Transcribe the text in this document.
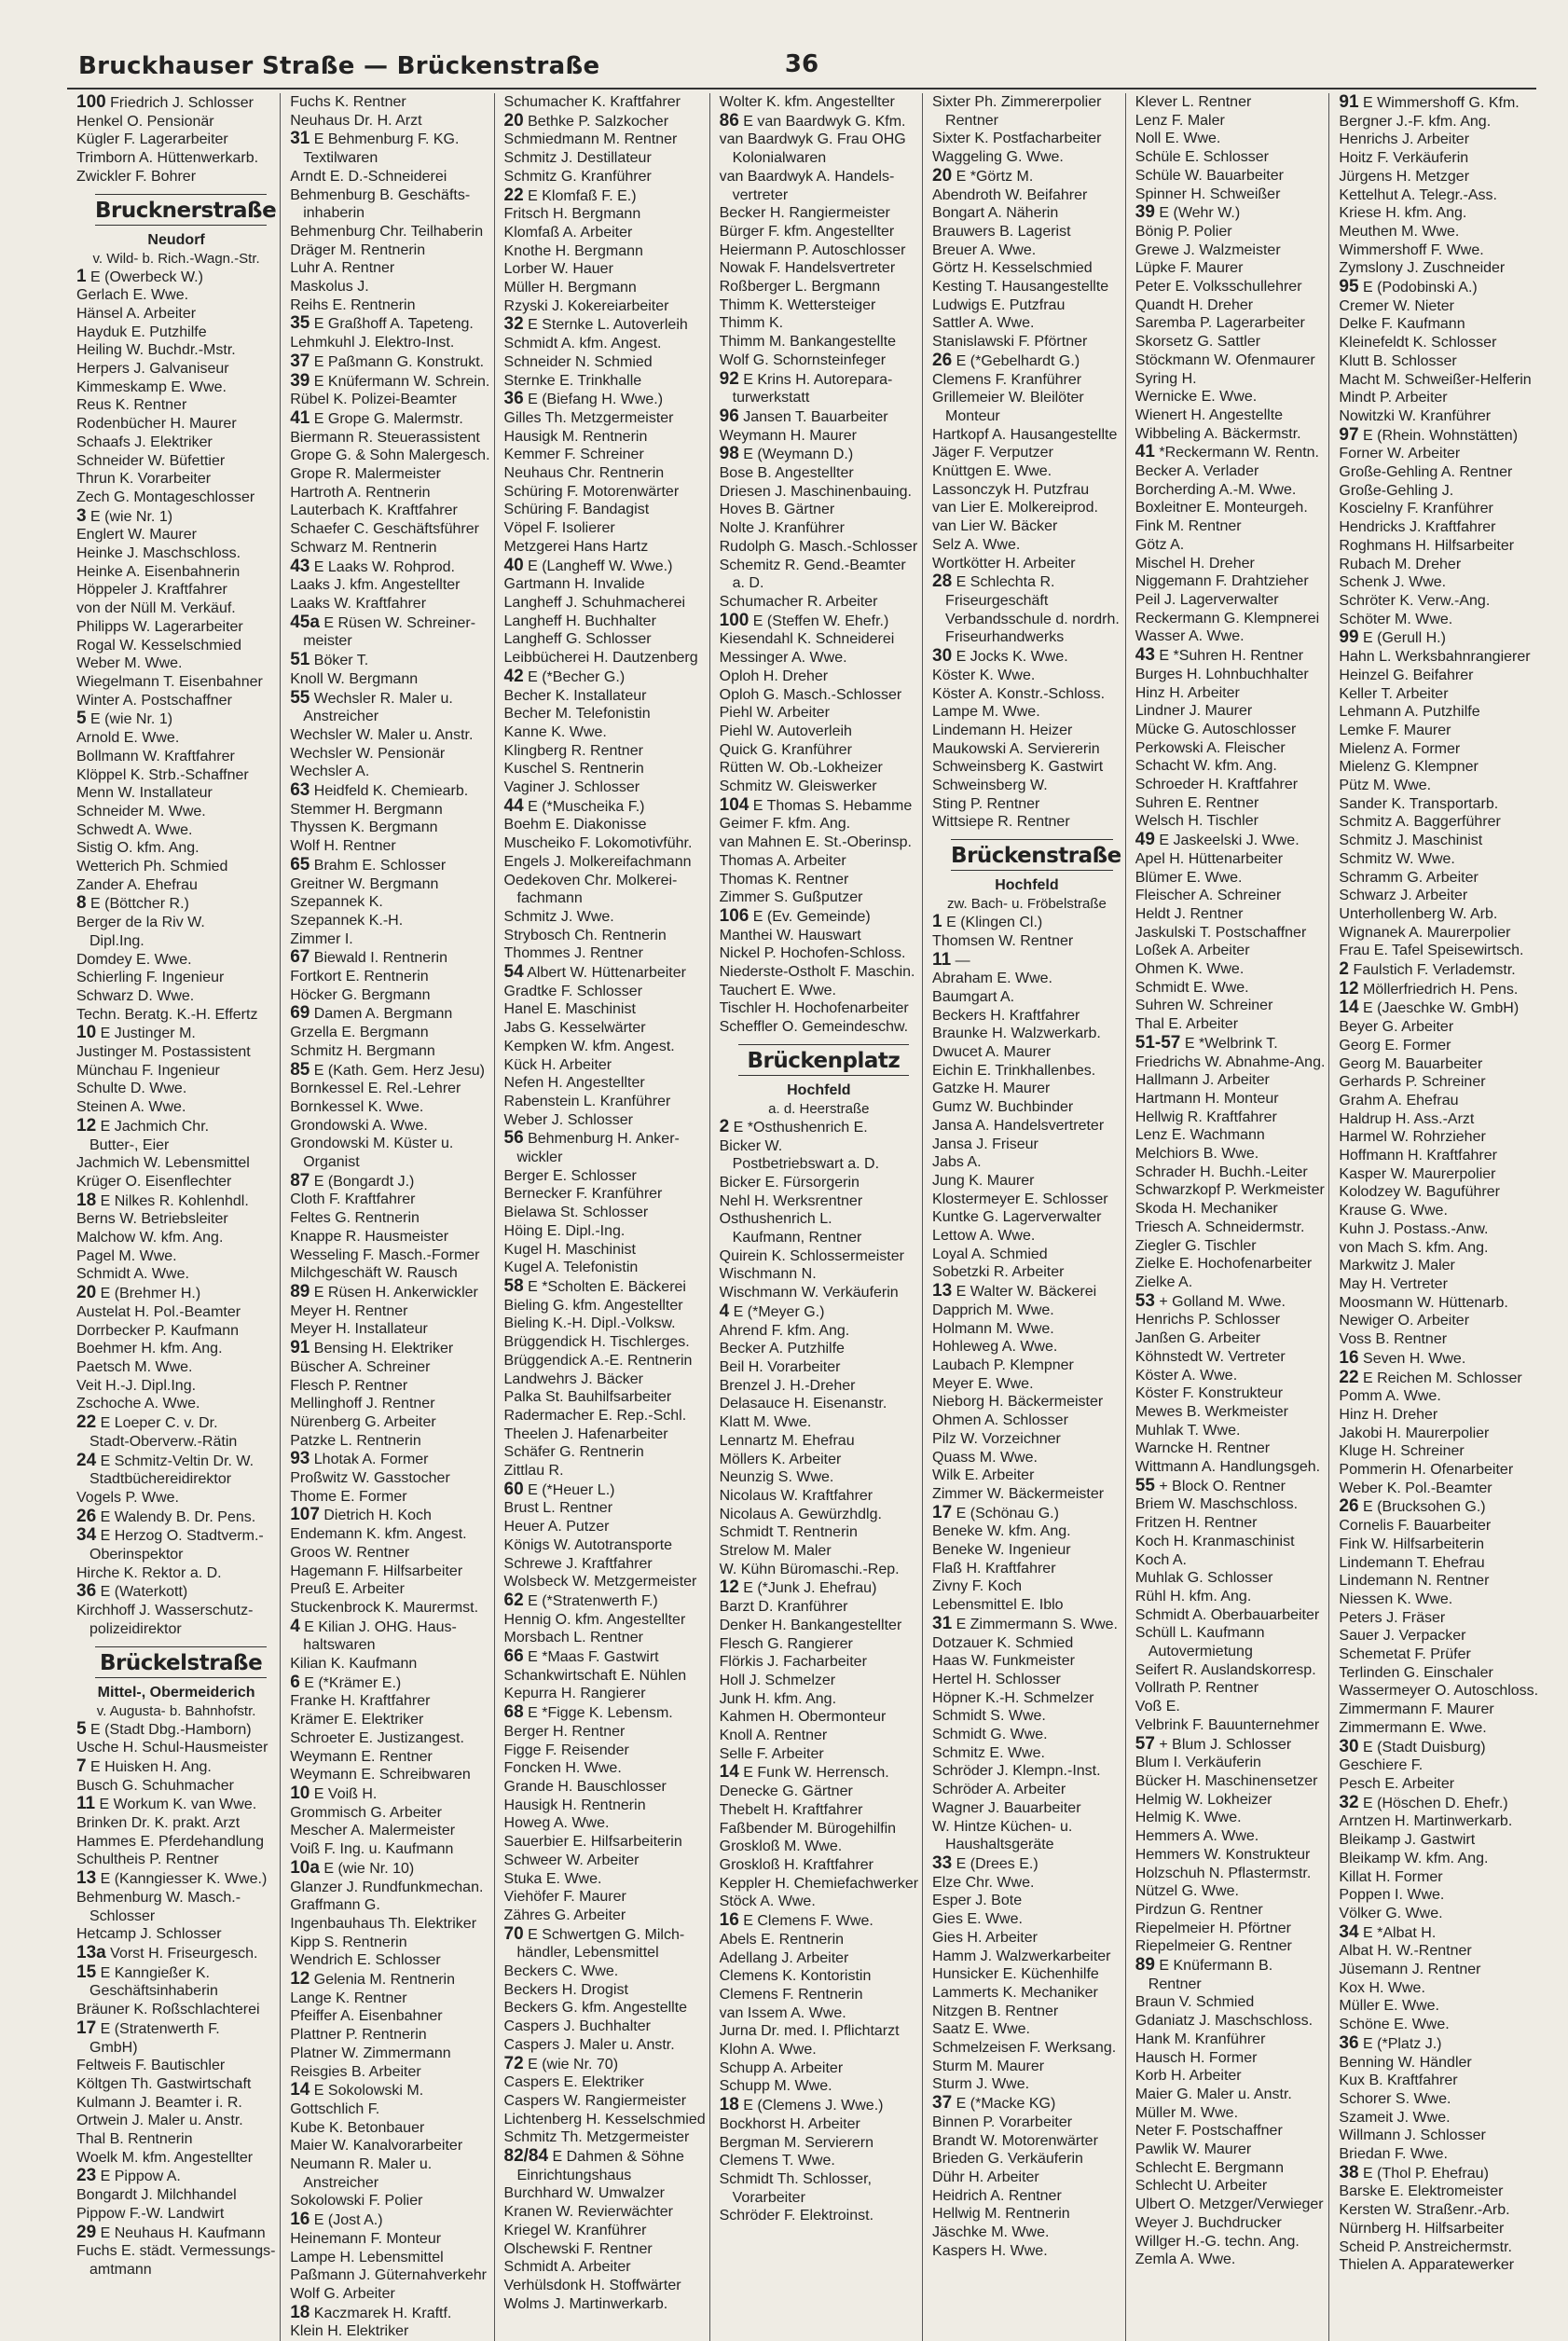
Bruckhauser Straße — Brückenstraße	36
100 Friedrich J. Schlosser
Henkel O. Pensionär
Kügler F. Lagerarbeiter
Trimborn A. Hüttenwerkarb.
Zwickler F. Bohrer
Brucknerstraße
Neudorf
v. Wild- b. Rich.-Wagn.-Str.
1 E (Owerbeck W.)
Gerlach E. Wwe.
Hänsel A. Arbeiter
Hayduk E. Putzhilfe
Heiling W. Buchdr.-Mstr.
Herpers J. Galvaniseur
Kimmeskamp E. Wwe.
Reus K. Rentner
Rodenbücher H. Maurer
Schaafs J. Elektriker
Schneider W. Büfettier
Thrun K. Vorarbeiter
Zech G. Montageschlosser
3 E (wie Nr. 1)
Englert W. Maurer
Heinke J. Maschschloss.
Heinke A. Eisenbahnerin
Höppeler J. Kraftfahrer
von der Nüll M. Verkäuf.
Philipps W. Lagerarbeiter
Rogal W. Kesselschmied
Weber M. Wwe.
Wiegelmann T. Eisenbahner
Winter A. Postschaffner
5 E (wie Nr. 1)
Arnold E. Wwe.
Bollmann W. Kraftfahrer
Klöppel K. Strb.-Schaffner
Menn W. Installateur
Schneider M. Wwe.
Schwedt A. Wwe.
Sistig O. kfm. Ang.
Wetterich Ph. Schmied
Zander A. Ehefrau
8 E (Böttcher R.)
Berger de la Riv W.
Dipl.Ing.
Domdey E. Wwe.
Schierling F. Ingenieur
Schwarz D. Wwe.
Techn. Beratg. K.-H. Effertz
10 E Justinger M.
Justinger M. Postassistent
Münchau F. Ingenieur
Schulte D. Wwe.
Steinen A. Wwe.
12 E Jachmich Chr.
Butter-, Eier
Jachmich W. Lebensmittel
Krüger O. Eisenflechter
18 E Nilkes R. Kohlenhdl.
Berns W. Betriebsleiter
Malchow W. kfm. Ang.
Pagel M. Wwe.
Schmidt A. Wwe.
20 E (Brehmer H.)
Austelat H. Pol.-Beamter
Dorrbecker P. Kaufmann
Boehmer H. kfm. Ang.
Paetsch M. Wwe.
Veit H.-J. Dipl.Ing.
Zschoche A. Wwe.
22 E Loeper C. v. Dr.
Stadt-Oberverw.-Rätin
24 E Schmitz-Veltin Dr. W.
Stadtbüchereidirektor
Vogels P. Wwe.
26 E Walendy B. Dr. Pens.
34 E Herzog O. Stadtverm.-
Oberinspektor
Hirche K. Rektor a. D.
36 E (Waterkott)
Kirchhoff J. Wasserschutz-
polizeidirektor
Brückelstraße
Mittel-, Obermeiderich
v. Augusta- b. Bahnhofstr.
5 E (Stadt Dbg.-Hamborn)
Usche H. Schul-Hausmeister
7 E Huisken H. Ang.
Busch G. Schuhmacher
11 E Workum K. van Wwe.
Brinken Dr. K. prakt. Arzt
Hammes E. Pferdehandlung
Schultheis P. Rentner
13 E (Kanngiesser K. Wwe.)
Behmenburg W. Masch.-
Schlosser
Hetcamp J. Schlosser
13a Vorst H. Friseurgesch.
15 E Kanngießer K.
Geschäftsinhaberin
Bräuner K. Roßschlachterei
17 E (Stratenwerth F.
GmbH)
Feltweis F. Bautischler
Költgen Th. Gastwirtschaft
Kulmann J. Beamter i. R.
Ortwein J. Maler u. Anstr.
Thal B. Rentnerin
Woelk M. kfm. Angestellter
23 E Pippow A.
Bongardt J. Milchhandel
Pippow F.-W. Landwirt
29 E Neuhaus H. Kaufmann
Fuchs E. städt. Vermessungs-
amtmann
Fuchs K. Rentner
Neuhaus Dr. H. Arzt
31 E Behmenburg F. KG.
Textilwaren
Arndt E. D.-Schneiderei
Behmenburg B. Geschäfts-
inhaberin
Behmenburg Chr. Teilhaberin
Dräger M. Rentnerin
Luhr A. Rentner
Maskolus J.
Reihs E. Rentnerin
35 E Graßhoff A. Tapeteng.
Lehmkuhl J. Elektro-Inst.
37 E Paßmann G. Konstrukt.
39 E Knüfermann W. Schrein.
Rübel K. Polizei-Beamter
41 E Grope G. Malermstr.
Biermann R. Steuerassistent
Grope G. & Sohn Malergesch.
Grope R. Malermeister
Hartroth A. Rentnerin
Lauterbach K. Kraftfahrer
Schaefer C. Geschäftsführer
Schwarz M. Rentnerin
43 E Laaks W. Rohprod.
Laaks J. kfm. Angestellter
Laaks W. Kraftfahrer
45a E Rüsen W. Schreiner-
meister
51 Böker T.
Knoll W. Bergmann
55 Wechsler R. Maler u.
Anstreicher
Wechsler W. Maler u. Anstr.
Wechsler W. Pensionär
Wechsler A.
63 Heidfeld K. Chemiearb.
Stemmer H. Bergmann
Thyssen K. Bergmann
Wolf H. Rentner
65 Brahm E. Schlosser
Greitner W. Bergmann
Szepannek K.
Szepannek K.-H.
Zimmer I.
67 Biewald I. Rentnerin
Fortkort E. Rentnerin
Höcker G. Bergmann
69 Damen A. Bergmann
Grzella E. Bergmann
Schmitz H. Bergmann
85 E (Kath. Gem. Herz Jesu)
Bornkessel E. Rel.-Lehrer
Bornkessel K. Wwe.
Grondowski A. Wwe.
Grondowski M. Küster u.
Organist
87 E (Bongardt J.)
Cloth F. Kraftfahrer
Feltes G. Rentnerin
Knappe R. Hausmeister
Wesseling F. Masch.-Former
Milchgeschäft W. Rausch
89 E Rüsen H. Ankerwickler
Meyer H. Rentner
Meyer H. Installateur
91 Bensing H. Elektriker
Büscher A. Schreiner
Flesch P. Rentner
Mellinghoff J. Rentner
Nürenberg G. Arbeiter
Patzke L. Rentnerin
93 Lhotak A. Former
Proßwitz W. Gasstocher
Thome E. Former
107 Dietrich H. Koch
Endemann K. kfm. Angest.
Groos W. Rentner
Hagemann F. Hilfsarbeiter
Preuß E. Arbeiter
Stuckenbrock K. Maurermst.
4 E Kilian J. OHG. Haus-
haltswaren
Kilian K. Kaufmann
6 E (*Krämer E.)
Franke H. Kraftfahrer
Krämer E. Elektriker
Schroeter E. Justizangest.
Weymann E. Rentner
Weymann E. Schreibwaren
10 E Voiß H.
Grommisch G. Arbeiter
Mescher A. Malermeister
Voiß F. Ing. u. Kaufmann
10a E (wie Nr. 10)
Glanzer J. Rundfunkmechan.
Graffmann G.
Ingenbauhaus Th. Elektriker
Kipp S. Rentnerin
Wendrich E. Schlosser
12 Gelenia M. Rentnerin
Lange K. Rentner
Pfeiffer A. Eisenbahner
Plattner P. Rentnerin
Platner W. Zimmermann
Reisgies B. Arbeiter
14 E Sokolowski M.
Gottschlich F.
Kube K. Betonbauer
Maier W. Kanalvorarbeiter
Neumann R. Maler u.
Anstreicher
Sokolowski F. Polier
16 E (Jost A.)
Heinemann F. Monteur
Lampe H. Lebensmittel
Paßmann J. Güternahverkehr
Wolf G. Arbeiter
18 Kaczmarek H. Kraftf.
Klein H. Elektriker
Schumacher K. Kraftfahrer
20 Bethke P. Salzkocher
Schmiedmann M. Rentner
Schmitz J. Destillateur
Schmitz G. Kranführer
22 E Klomfaß F. E.)
Fritsch H. Bergmann
Klomfaß A. Arbeiter
Knothe H. Bergmann
Lorber W. Hauer
Müller H. Bergmann
Rzyski J. Kokereiarbeiter
32 E Sternke L. Autoverleih
Schmidt A. kfm. Angest.
Schneider N. Schmied
Sternke E. Trinkhalle
36 E (Biefang H. Wwe.)
Gilles Th. Metzgermeister
Hausigk M. Rentnerin
Kemmer F. Schreiner
Neuhaus Chr. Rentnerin
Schüring F. Motorenwärter
Schüring F. Bandagist
Vöpel F. Isolierer
Metzgerei Hans Hartz
40 E (Langheff W. Wwe.)
Gartmann H. Invalide
Langheff J. Schuhmacherei
Langheff H. Buchhalter
Langheff G. Schlosser
Leibbücherei H. Dautzenberg
42 E (*Becher G.)
Becher K. Installateur
Becher M. Telefonistin
Kanne K. Wwe.
Klingberg R. Rentner
Kuschel S. Rentnerin
Vaginer J. Schlosser
44 E (*Muscheika F.)
Boehm E. Diakonisse
Muscheiko F. Lokomotivführ.
Engels J. Molkereifachmann
Oedekoven Chr. Molkerei-
fachmann
Schmitz J. Wwe.
Strybosch Ch. Rentnerin
Thommes J. Rentner
54 Albert W. Hüttenarbeiter
Gradtke F. Schlosser
Hanel E. Maschinist
Jabs G. Kesselwärter
Kempken W. kfm. Angest.
Kück H. Arbeiter
Nefen H. Angestellter
Rabenstein L. Kranführer
Weber J. Schlosser
56 Behmenburg H. Anker-
wickler
Berger E. Schlosser
Bernecker F. Kranführer
Bielawa St. Schlosser
Höing E. Dipl.-Ing.
Kugel H. Maschinist
Kugel A. Telefonistin
58 E *Scholten E. Bäckerei
Bieling G. kfm. Angestellter
Bieling K.-H. Dipl.-Volksw.
Brüggendick H. Tischlerges.
Brüggendick A.-E. Rentnerin
Landwehrs J. Bäcker
Palka St. Bauhilfsarbeiter
Radermacher E. Rep.-Schl.
Theelen J. Hafenarbeiter
Schäfer G. Rentnerin
Zittlau R.
60 E (*Heuer L.)
Brust L. Rentner
Heuer A. Putzer
Königs W. Autotransporte
Schrewe J. Kraftfahrer
Wolsbeck W. Metzgermeister
62 E (*Stratenwerth F.)
Hennig O. kfm. Angestellter
Morsbach L. Rentner
66 E *Maas F. Gastwirt
Schankwirtschaft E. Nühlen
Kepurra H. Rangierer
68 E *Figge K. Lebensm.
Berger H. Rentner
Figge F. Reisender
Foncken H. Wwe.
Grande H. Bauschlosser
Hausigk H. Rentnerin
Howeg A. Wwe.
Sauerbier E. Hilfsarbeiterin
Schweer W. Arbeiter
Stuka E. Wwe.
Viehöfer F. Maurer
Zähres G. Arbeiter
70 E Schwertgen G. Milch-
händler, Lebensmittel
Beckers C. Wwe.
Beckers H. Drogist
Beckers G. kfm. Angestellte
Caspers J. Buchhalter
Caspers J. Maler u. Anstr.
72 E (wie Nr. 70)
Caspers E. Elektriker
Caspers W. Rangiermeister
Lichtenberg H. Kesselschmied
Schmitz Th. Metzgermeister
82/84 E Dahmen & Söhne
Einrichtungshaus
Burchhard W. Umwalzer
Kranen W. Revierwächter
Kriegel W. Kranführer
Olschewski F. Rentner
Schmidt A. Arbeiter
Verhülsdonk H. Stoffwärter
Wolms J. Martinwerkarb.
Wolter K. kfm. Angestellter
86 E van Baardwyk G. Kfm.
van Baardwyk G. Frau OHG
Kolonialwaren
van Baardwyk A. Handels-
vertreter
Becker H. Rangiermeister
Bürger F. kfm. Angestellter
Heiermann P. Autoschlosser
Nowak F. Handelsvertreter
Roßberger L. Bergmann
Thimm K. Wettersteiger
Thimm K.
Thimm M. Bankangestellte
Wolf G. Schornsteinfeger
92 E Krins H. Autorepara-
turwerkstatt
96 Jansen T. Bauarbeiter
Weymann H. Maurer
98 E (Weymann D.)
Bose B. Angestellter
Driesen J. Maschinenbauing.
Hoves B. Gärtner
Nolte J. Kranführer
Rudolph G. Masch.-Schlosser
Schemitz R. Gend.-Beamter
a. D.
Schumacher R. Arbeiter
100 E (Steffen W. Ehefr.)
Kiesendahl K. Schneiderei
Messinger A. Wwe.
Oploh H. Dreher
Oploh G. Masch.-Schlosser
Piehl W. Arbeiter
Piehl W. Autoverleih
Quick G. Kranführer
Rütten W. Ob.-Lokheizer
Schmitz W. Gleiswerker
104 E Thomas S. Hebamme
Geimer F. kfm. Ang.
van Mahnen E. St.-Oberinsp.
Thomas A. Arbeiter
Thomas K. Rentner
Zimmer S. Gußputzer
106 E (Ev. Gemeinde)
Manthei W. Hauswart
Nickel P. Hochofen-Schloss.
Niederste-Ostholt F. Maschin.
Tauchert E. Wwe.
Tischler H. Hochofenarbeiter
Scheffler O. Gemeindeschw.
Brückenplatz
Hochfeld
a. d. Heerstraße
2 E *Osthushenrich E.
Bicker W.
Postbetriebswart a. D.
Bicker E. Fürsorgerin
Nehl H. Werksrentner
Osthushenrich L.
Kaufmann, Rentner
Quirein K. Schlossermeister
Wischmann N.
Wischmann W. Verkäuferin
4 E (*Meyer G.)
Ahrend F. kfm. Ang.
Becker A. Putzhilfe
Beil H. Vorarbeiter
Brenzel J. H.-Dreher
Delasauce H. Eisenanstr.
Klatt M. Wwe.
Lennartz M. Ehefrau
Möllers K. Arbeiter
Neunzig S. Wwe.
Nicolaus W. Kraftfahrer
Nicolaus A. Gewürzhdlg.
Schmidt T. Rentnerin
Strelow M. Maler
W. Kühn Büromaschi.-Rep.
12 E (*Junk J. Ehefrau)
Barzt D. Kranführer
Denker H. Bankangestellter
Flesch G. Rangierer
Flörkis J. Facharbeiter
Holl J. Schmelzer
Junk H. kfm. Ang.
Kahmen H. Obermonteur
Knoll A. Rentner
Selle F. Arbeiter
14 E Funk W. Herrensch.
Denecke G. Gärtner
Thebelt H. Kraftfahrer
Faßbender M. Bürogehilfin
Groskloß M. Wwe.
Groskloß H. Kraftfahrer
Keppler H. Chemiefachwerker
Stöck A. Wwe.
16 E Clemens F. Wwe.
Abels E. Rentnerin
Adellang J. Arbeiter
Clemens K. Kontoristin
Clemens F. Rentnerin
van Issem A. Wwe.
Jurna Dr. med. I. Pflichtarzt
Klohn A. Wwe.
Schupp A. Arbeiter
Schupp M. Wwe.
18 E (Clemens J. Wwe.)
Bockhorst H. Arbeiter
Bergman M. Servierern
Clemens T. Wwe.
Schmidt Th. Schlosser,
Vorarbeiter
Schröder F. Elektroinst.
Sixter Ph. Zimmererpolier
Rentner
Sixter K. Postfacharbeiter
Waggeling G. Wwe.
20 E *Görtz M.
Abendroth W. Beifahrer
Bongart A. Näherin
Brauwers B. Lagerist
Breuer A. Wwe.
Görtz H. Kesselschmied
Kesting T. Hausangestellte
Ludwigs E. Putzfrau
Sattler A. Wwe.
Stanislawski F. Pförtner
26 E (*Gebelhardt G.)
Clemens F. Kranführer
Grillemeier W. Bleilöter
Monteur
Hartkopf A. Hausangestellte
Jäger F. Verputzer
Knüttgen E. Wwe.
Lassonczyk H. Putzfrau
van Lier E. Molkereiprod.
van Lier W. Bäcker
Selz A. Wwe.
Wortkötter H. Arbeiter
28 E Schlechta R.
Friseurgeschäft
Verbandsschule d. nordrh.
Friseurhandwerks
30 E Jocks K. Wwe.
Köster K. Wwe.
Köster A. Konstr.-Schloss.
Lampe M. Wwe.
Lindemann H. Heizer
Maukowski A. Serviererin
Schweinsberg K. Gastwirt
Schweinsberg W.
Sting P. Rentner
Wittsiepe R. Rentner
Brückenstraße
Hochfeld
zw. Bach- u. Fröbelstraße
1 E (Klingen Cl.)
Thomsen W. Rentner
11 —
Abraham E. Wwe.
Baumgart A.
Beckers H. Kraftfahrer
Braunke H. Walzwerkarb.
Dwucet A. Maurer
Eichin E. Trinkhallenbes.
Gatzke H. Maurer
Gumz W. Buchbinder
Jansa A. Handelsvertreter
Jansa J. Friseur
Jabs A.
Jung K. Maurer
Klostermeyer E. Schlosser
Kuntke G. Lagerverwalter
Lettow A. Wwe.
Loyal A. Schmied
Sobetzki R. Arbeiter
13 E Walter W. Bäckerei
Dapprich M. Wwe.
Holmann M. Wwe.
Hohleweg A. Wwe.
Laubach P. Klempner
Meyer E. Wwe.
Nieborg H. Bäckermeister
Ohmen A. Schlosser
Pilz W. Vorzeichner
Quass M. Wwe.
Wilk E. Arbeiter
Zimmer W. Bäckermeister
17 E (Schönau G.)
Beneke W. kfm. Ang.
Beneke W. Ingenieur
Flaß H. Kraftfahrer
Zivny F. Koch
Lebensmittel E. Iblo
31 E Zimmermann S. Wwe.
Dotzauer K. Schmied
Haas W. Funkmeister
Hertel H. Schlosser
Höpner K.-H. Schmelzer
Schmidt S. Wwe.
Schmidt G. Wwe.
Schmitz E. Wwe.
Schröder J. Klempn.-Inst.
Schröder A. Arbeiter
Wagner J. Bauarbeiter
W. Hintze Küchen- u.
Haushaltsgeräte
33 E (Drees E.)
Elze Chr. Wwe.
Esper J. Bote
Gies E. Wwe.
Gies H. Arbeiter
Hamm J. Walzwerkarbeiter
Hunsicker E. Küchenhilfe
Lammerts K. Mechaniker
Nitzgen B. Rentner
Saatz E. Wwe.
Schmelzeisen F. Werksang.
Sturm M. Maurer
Sturm J. Wwe.
37 E (*Macke KG)
Binnen P. Vorarbeiter
Brandt W. Motorenwärter
Brieden G. Verkäuferin
Dühr H. Arbeiter
Heidrich A. Rentner
Hellwig M. Rentnerin
Jäschke M. Wwe.
Kaspers H. Wwe.
Klever L. Rentner
Lenz F. Maler
Noll E. Wwe.
Schüle E. Schlosser
Schüle W. Bauarbeiter
Spinner H. Schweißer
39 E (Wehr W.)
Bönig P. Polier
Grewe J. Walzmeister
Lüpke F. Maurer
Peter E. Volksschullehrer
Quandt H. Dreher
Saremba P. Lagerarbeiter
Skorsetz G. Sattler
Stöckmann W. Ofenmaurer
Syring H.
Wernicke E. Wwe.
Wienert H. Angestellte
Wibbeling A. Bäckermstr.
41 *Reckermann W. Rentn.
Becker A. Verlader
Borcherding A.-M. Wwe.
Boxleitner E. Monteurgeh.
Fink M. Rentner
Götz A.
Mischel H. Dreher
Niggemann F. Drahtzieher
Peil J. Lagerverwalter
Reckermann G. Klempnerei
Wasser A. Wwe.
43 E *Suhren H. Rentner
Burges H. Lohnbuchhalter
Hinz H. Arbeiter
Lindner J. Maurer
Mücke G. Autoschlosser
Perkowski A. Fleischer
Schacht W. kfm. Ang.
Schroeder H. Kraftfahrer
Suhren E. Rentner
Welsch H. Tischler
49 E Jaskeelski J. Wwe.
Apel H. Hüttenarbeiter
Blümer E. Wwe.
Fleischer A. Schreiner
Heldt J. Rentner
Jaskulski T. Postschaffner
Loßek A. Arbeiter
Ohmen K. Wwe.
Schmidt E. Wwe.
Suhren W. Schreiner
Thal E. Arbeiter
51-57 E *Welbrink T.
Friedrichs W. Abnahme-Ang.
Hallmann J. Arbeiter
Hartmann H. Monteur
Hellwig R. Kraftfahrer
Lenz E. Wachmann
Melchiors B. Wwe.
Schrader H. Buchh.-Leiter
Schwarzkopf P. Werkmeister
Skoda H. Mechaniker
Triesch A. Schneidermstr.
Ziegler G. Tischler
Zielke E. Hochofenarbeiter
Zielke A.
53 + Golland M. Wwe.
Henrichs P. Schlosser
Janßen G. Arbeiter
Köhnstedt W. Vertreter
Köster A. Wwe.
Köster F. Konstrukteur
Mewes B. Werkmeister
Muhlak T. Wwe.
Warncke H. Rentner
Wittmann A. Handlungsgeh.
55 + Block O. Rentner
Briem W. Maschschloss.
Fritzen H. Rentner
Koch H. Kranmaschinist
Koch A.
Muhlak G. Schlosser
Rühl H. kfm. Ang.
Schmidt A. Oberbauarbeiter
Schüll L. Kaufmann
Autovermietung
Seifert R. Auslandskorresp.
Vollrath P. Rentner
Voß E.
Velbrink F. Bauunternehmer
57 + Blum J. Schlosser
Blum I. Verkäuferin
Bücker H. Maschinensetzer
Helmig W. Lokheizer
Helmig K. Wwe.
Hemmers A. Wwe.
Hemmers W. Konstrukteur
Holzschuh N. Pflastermstr.
Nützel G. Wwe.
Pirdzun G. Rentner
Riepelmeier H. Pförtner
Riepelmeier G. Rentner
89 E Knüfermann B.
Rentner
Braun V. Schmied
Gdaniatz J. Maschschloss.
Hank M. Kranführer
Hausch H. Former
Korb H. Arbeiter
Maier G. Maler u. Anstr.
Müller M. Wwe.
Neter F. Postschaffner
Pawlik W. Maurer
Schlecht E. Bergmann
Schlecht U. Arbeiter
Ulbert O. Metzger/Verwieger
Weyer J. Buchdrucker
Willger H.-G. techn. Ang.
Zemla A. Wwe.
91 E Wimmershoff G. Kfm.
Bergner J.-F. kfm. Ang.
Henrichs J. Arbeiter
Hoitz F. Verkäuferin
Jürgens H. Metzger
Kettelhut A. Telegr.-Ass.
Kriese H. kfm. Ang.
Meuthen M. Wwe.
Wimmershoff F. Wwe.
Zymslony J. Zuschneider
95 E (Podobinski A.)
Cremer W. Nieter
Delke F. Kaufmann
Kleinefeldt K. Schlosser
Klutt B. Schlosser
Macht M. Schweißer-Helferin
Mindt P. Arbeiter
Nowitzki W. Kranführer
97 E (Rhein. Wohnstätten)
Forner W. Arbeiter
Große-Gehling A. Rentner
Große-Gehling J.
Koscielny F. Kranführer
Hendricks J. Kraftfahrer
Roghmans H. Hilfsarbeiter
Rubach M. Dreher
Schenk J. Wwe.
Schröter K. Verw.-Ang.
Schöter M. Wwe.
99 E (Gerull H.)
Hahn L. Werksbahnrangierer
Heinzel G. Beifahrer
Keller T. Arbeiter
Lehmann A. Putzhilfe
Lemke F. Maurer
Mielenz A. Former
Mielenz G. Klempner
Pütz M. Wwe.
Sander K. Transportarb.
Schmitz A. Baggerführer
Schmitz J. Maschinist
Schmitz W. Wwe.
Schramm G. Arbeiter
Schwarz J. Arbeiter
Unterhollenberg W. Arb.
Wignanek A. Maurerpolier
Frau E. Tafel Speisewirtsch.
2 Faulstich F. Verlademstr.
12 Möllerfriedrich H. Pens.
14 E (Jaeschke W. GmbH)
Beyer G. Arbeiter
Georg E. Former
Georg M. Bauarbeiter
Gerhards P. Schreiner
Grahm A. Ehefrau
Haldrup H. Ass.-Arzt
Harmel W. Rohrzieher
Hoffmann H. Kraftfahrer
Kasper W. Maurerpolier
Kolodzey W. Baguführer
Krause G. Wwe.
Kuhn J. Postass.-Anw.
von Mach S. kfm. Ang.
Markwitz J. Maler
May H. Vertreter
Moosmann W. Hüttenarb.
Newiger O. Arbeiter
Voss B. Rentner
16 Seven H. Wwe.
22 E Reichen M. Schlosser
Pomm A. Wwe.
Hinz H. Dreher
Jakobi H. Maurerpolier
Kluge H. Schreiner
Pommerin H. Ofenarbeiter
Weber K. Pol.-Beamter
26 E (Brucksohen G.)
Cornelis F. Bauarbeiter
Fink W. Hilfsarbeiterin
Lindemann T. Ehefrau
Lindemann N. Rentner
Niessen K. Wwe.
Peters J. Fräser
Sauer J. Verpacker
Schemetat F. Prüfer
Terlinden G. Einschaler
Wassermeyer O. Autoschloss.
Zimmermann F. Maurer
Zimmermann E. Wwe.
30 E (Stadt Duisburg)
Geschiere F.
Pesch E. Arbeiter
32 E (Höschen D. Ehefr.)
Arntzen H. Martinwerkarb.
Bleikamp J. Gastwirt
Bleikamp W. kfm. Ang.
Killat H. Former
Poppen I. Wwe.
Völker G. Wwe.
34 E *Albat H.
Albat H. W.-Rentner
Jüsemann J. Rentner
Kox H. Wwe.
Müller E. Wwe.
Schöne E. Wwe.
36 E (*Platz J.)
Benning W. Händler
Kux B. Kraftfahrer
Schorer S. Wwe.
Szameit J. Wwe.
Willmann J. Schlosser
Briedan F. Wwe.
38 E (Thol P. Ehefrau)
Barske E. Elektromeister
Kersten W. Straßenr.-Arb.
Nürnberg H. Hilfsarbeiter
Scheid P. Anstreichermstr.
Thielen A. Apparatewerker
